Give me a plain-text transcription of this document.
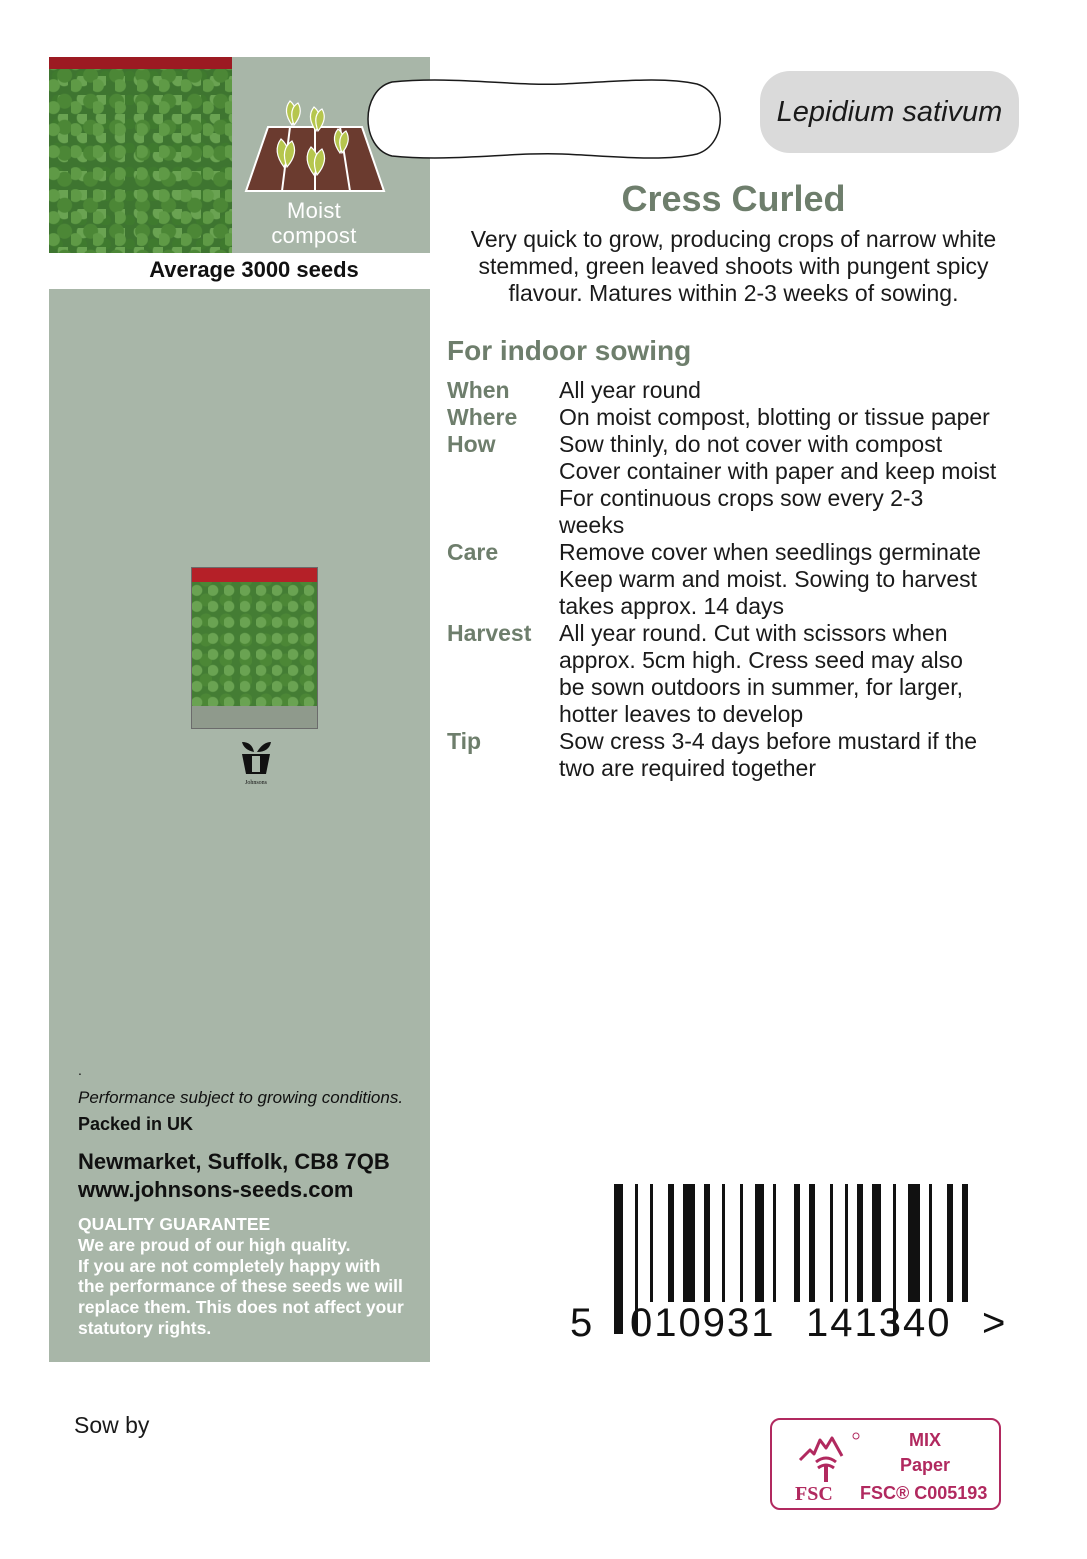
Moist
compost
Average 3000 seeds
Johnsons
.
Performance subject to growing conditions.
Packed in UK
Newmarket, Suffolk, CB8 7QB
www.johnsons-seeds.com
QUALITY GUARANTEE
We are proud of our high quality.
If you are not completely happy with
the performance of these seeds we will
replace them. This does not affect your
statutory rights.
Lepidium sativum
Cress Curled
Very quick to grow, producing crops of narrow white
stemmed, green leaved shoots with pungent spicy
flavour. Matures within 2-3 weeks of sowing.
For indoor sowing
When	All year round
Where	On moist compost, blotting or tissue paper
How	Sow thinly, do not cover with compost
Cover container with paper and keep moist
For continuous crops sow every 2-3
weeks
Care	Remove cover when seedlings germinate
Keep warm and moist. Sowing to harvest
takes approx. 14 days
Harvest	All year round. Cut with scissors when
approx. 5cm high. Cress seed may also
be sown outdoors in summer, for larger,
hotter leaves to develop
Tip	Sow cress 3-4 days before mustard if the
two are required together
5 010931 141340 >
Sow by
MIX
Paper
FSC FSC® C005193
